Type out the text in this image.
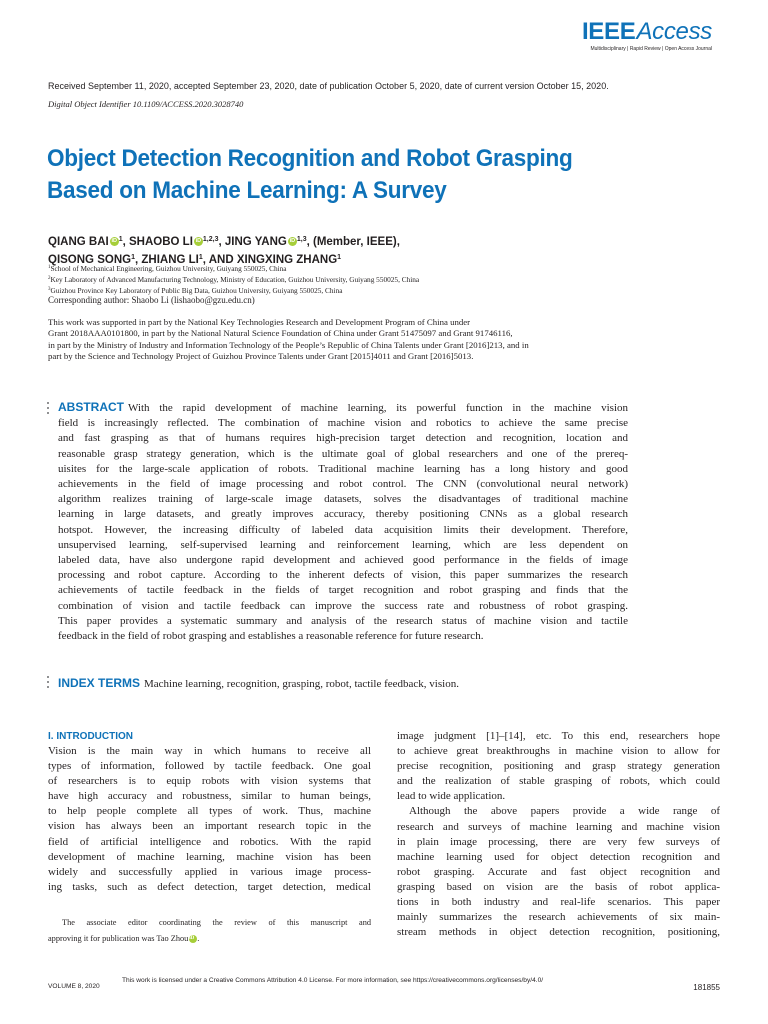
IEEEAccess
Multidisciplinary | Rapid Review | Open Access Journal
Received September 11, 2020, accepted September 23, 2020, date of publication October 5, 2020, date of current version October 15, 2020.
Digital Object Identifier 10.1109/ACCESS.2020.3028740
Object Detection Recognition and Robot Grasping
Based on Machine Learning: A Survey
QIANG BAI iD $^1$, SHAOBO LI iD $^{1,2,3}$, JING YANG iD $^{1,3}$, (Member, IEEE),
QISONG SONG$^1$, ZHIANG $LI^1$, AND XINGXING ZHANG$^1$
$^1$School of Mechanical Engineering, Guizhou University, Guiyang 550025, China
$^2$Key Laboratory of Advanced Manufacturing Technology, Ministry of Education, Guizhou University, Guiyang 550025, China
$^3$Guizhou Province Key Laboratory of Public Big Data, Guizhou University, Guiyang 550025, China
Corresponding author: Shaobo Li (lishaobo@gzu.edu.cn)
This work was supported in part by the National Key Technologies Research and Development Program of China under
Grant 2018AAA0101800, in part by the National Natural Science Foundation of China under Grant 51475097 and Grant 91746116,
in part by the Ministry of Industry and Information Technology of the People’s Republic of China Talents under Grant [2016]213, and in
part by the Science and Technology Project of Guizhou Province Talents under Grant [2015]4011 and Grant [2016]5013.
ABSTRACT With the rapid development of machine learning, its powerful function in the machine vision
field is increasingly reflected. The combination of machine vision and robotics to achieve the same precise
and fast grasping as that of humans requires high-precision target detection and recognition, location and
reasonable grasp strategy generation, which is the ultimate goal of global researchers and one of the prereq-
uisites for the large-scale application of robots. Traditional machine learning has a long history and good
achievements in the field of image processing and robot control. The CNN (convolutional neural network)
algorithm realizes training of large-scale image datasets, solves the disadvantages of traditional machine
learning in large datasets, and greatly improves accuracy, thereby positioning CNNs as a global research
hotspot. However, the increasing difficulty of labeled data acquisition limits their development. Therefore,
unsupervised learning, self-supervised learning and reinforcement learning, which are less dependent on
labeled data, have also undergone rapid development and achieved good performance in the fields of image
processing and robot capture. According to the inherent defects of vision, this paper summarizes the research
achievements of tactile feedback in the fields of target recognition and robot grasping and finds that the
combination of vision and tactile feedback can improve the success rate and robustness of robot grasping.
This paper provides a systematic summary and analysis of the research status of machine vision and tactile
feedback in the field of robot grasping and establishes a reasonable reference for future research.
INDEX TERMS Machine learning, recognition, grasping, robot, tactile feedback, vision.
I. INTRODUCTION
Vision is the main way in which humans to receive all
types of information, followed by tactile feedback. One goal
of researchers is to equip robots with vision systems that
have high accuracy and robustness, similar to human beings,
to help people complete all types of work. Thus, machine
vision has always been an important research topic in the
field of artificial intelligence and robotics. With the rapid
development of machine learning, machine vision has been
widely and successfully applied in various image process-
ing tasks, such as defect detection, target detection, medical
The associate editor coordinating the review of this manuscript and
approving it for publication was Tao ZhouiD .
image judgment [1]–[14], etc. To this end, researchers hope
to achieve great breakthroughs in machine vision to allow for
precise recognition, positioning and grasp strategy generation
and the realization of stable grasping of robots, which could
lead to wide application.
Although the above papers provide a wide range of
research and surveys of machine learning and machine vision
in plain image processing, there are very few surveys of
machine learning used for object detection recognition and
robot grasping. Accurate and fast object recognition and
grasping based on vision are the basis of robot applica-
tions in both industry and real-life scenarios. This paper
mainly summarizes the research achievements of six main-
stream methods in object detection recognition, positioning,
VOLUME 8, 2020
This work is licensed under a Creative Commons Attribution 4.0 License. For more information, see https://creativecommons.org/licenses/by/4.0/
181855
